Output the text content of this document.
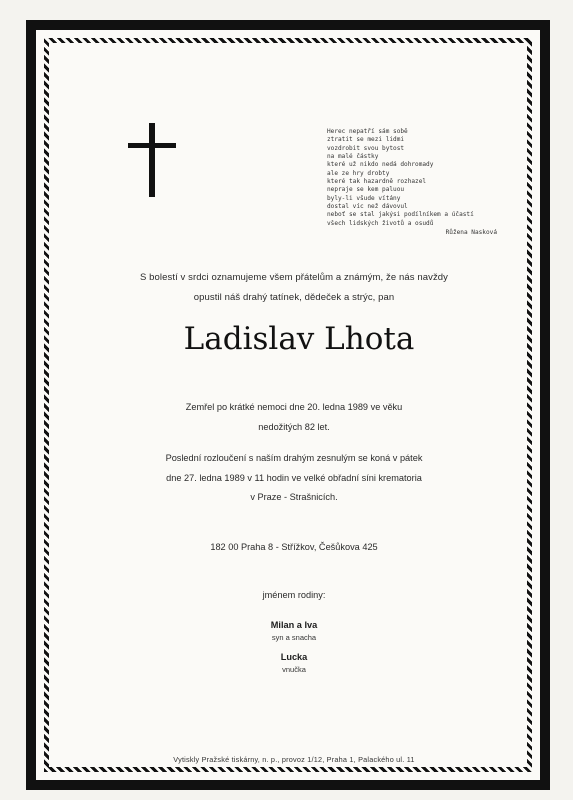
Herec nepatří sám sobě
ztratit se mezi lidmi
vozdrobit svou bytost
na malé částky
které už nikdo nedá dohromady
ale ze hry drobty
které tak hazardně rozhazel
nepraje se kem paluou
byly-li všude vítány
dostal víc než dávovul
neboť se stal jakýsi podílníkem a účastí
všech lidských životů a osudů
Růžena Nasková
S bolestí v srdci oznamujeme všem přátelům a známým, že nás navždy
opustil náš drahý tatínek, dědeček a strýc, pan
Ladislav Lhota
Zemřel po krátké nemoci dne 20. ledna 1989 ve věku
nedožitých 82 let.
Poslední rozloučení s naším drahým zesnulým se koná v pátek
dne 27. ledna 1989 v 11 hodin ve velké obřadní síni krematoria
v Praze - Strašnicích.
182 00 Praha 8 - Střížkov, Češůkova 425
jménem rodiny:
Milan a Iva
syn a snacha
Lucka
vnučka
Vytiskly Pražské tiskárny, n. p., provoz 1/12, Praha 1, Palackého ul. 11
